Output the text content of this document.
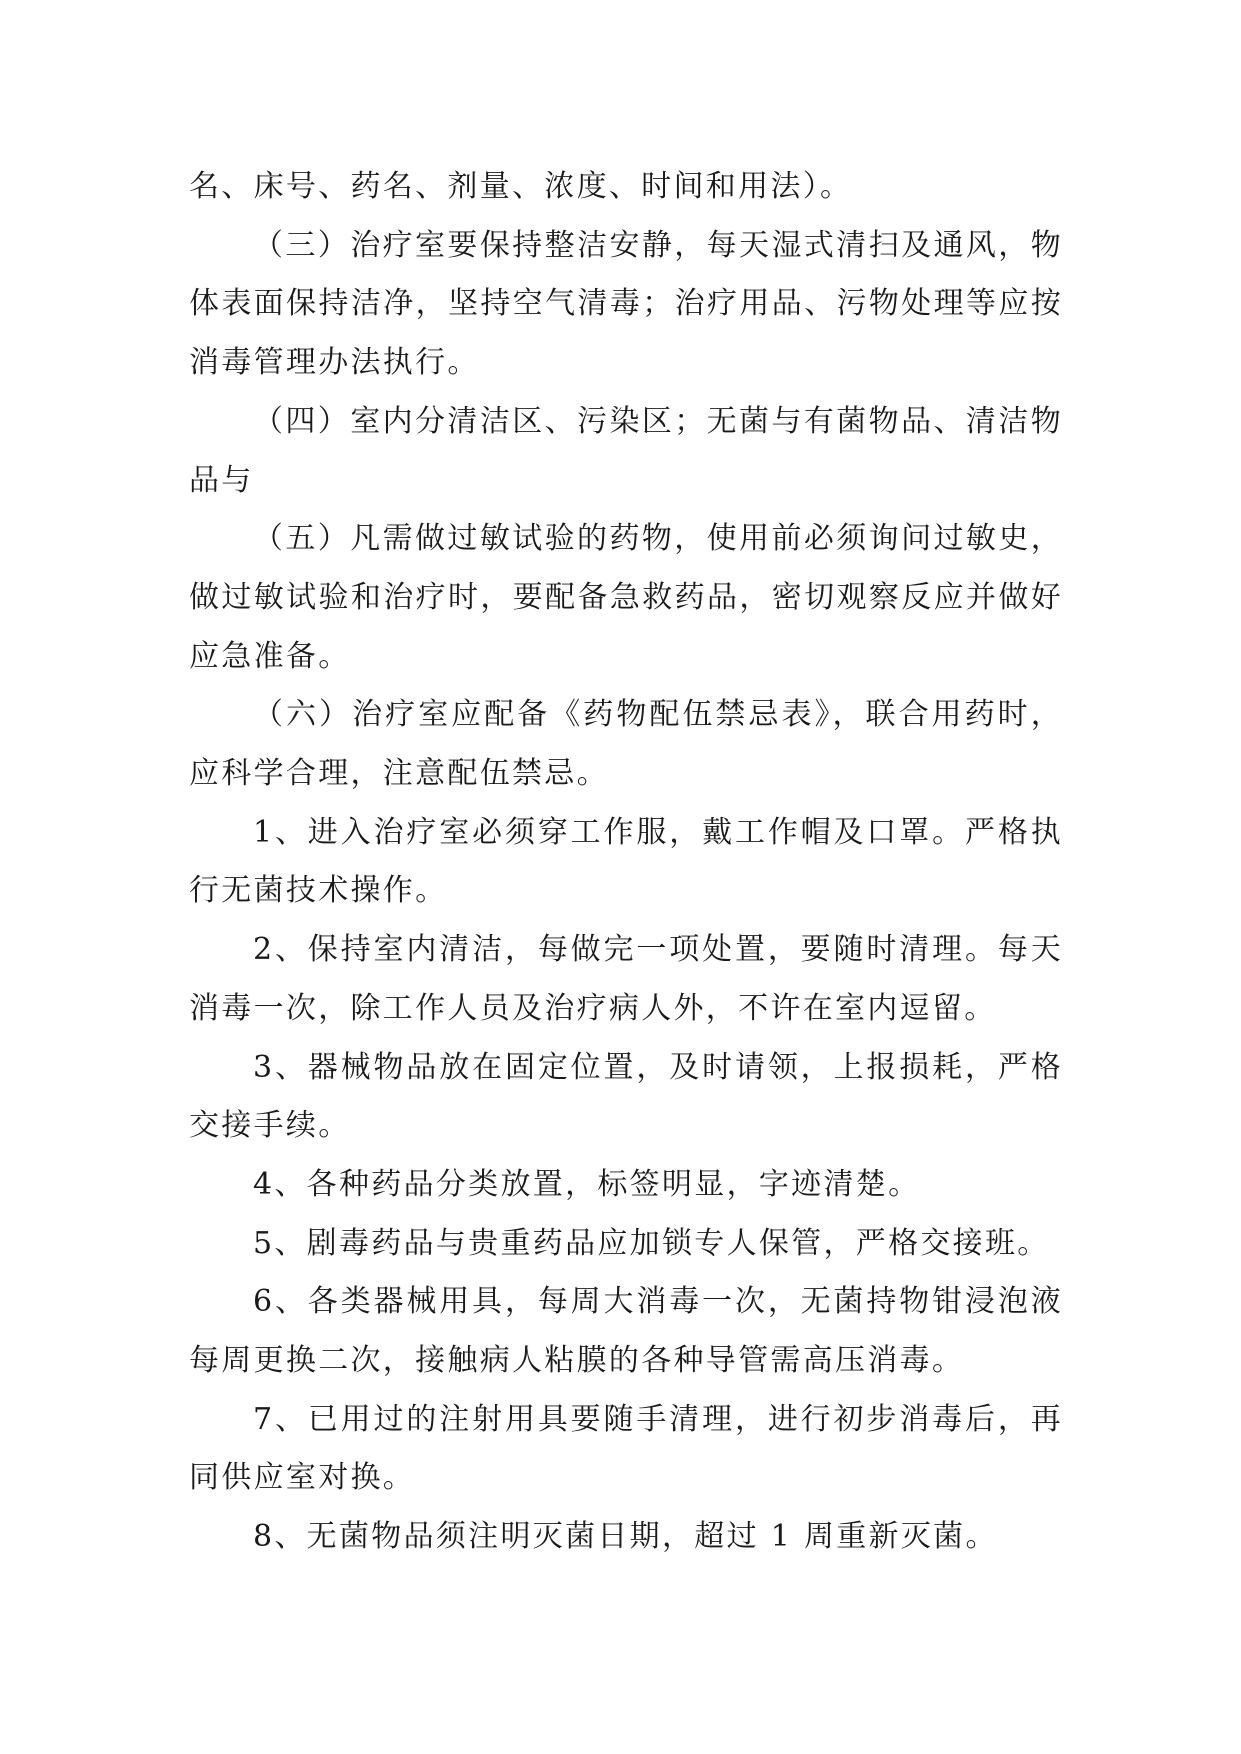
名、床号、药名、剂量、浓度、时间和用法）。

（三）治疗室要保持整洁安静，每天湿式清扫及通风，物体表面保持洁净，坚持空气清毒；治疗用品、污物处理等应按消毒管理办法执行。

（四）室内分清洁区、污染区；无菌与有菌物品、清洁物品与

（五）凡需做过敏试验的药物，使用前必须询问过敏史，做过敏试验和治疗时，要配备急救药品，密切观察反应并做好应急准备。

（六）治疗室应配备《药物配伍禁忌表》，联合用药时，应科学合理，注意配伍禁忌。

1、进入治疗室必须穿工作服，戴工作帽及口罩。严格执行无菌技术操作。

2、保持室内清洁，每做完一项处置，要随时清理。每天消毒一次，除工作人员及治疗病人外，不许在室内逗留。

3、器械物品放在固定位置，及时请领，上报损耗，严格交接手续。

4、各种药品分类放置，标签明显，字迹清楚。

5、剧毒药品与贵重药品应加锁专人保管，严格交接班。

6、各类器械用具，每周大消毒一次，无菌持物钳浸泡液每周更换二次，接触病人粘膜的各种导管需高压消毒。

7、已用过的注射用具要随手清理，进行初步消毒后，再同供应室对换。

8、无菌物品须注明灭菌日期，超过 1 周重新灭菌。
